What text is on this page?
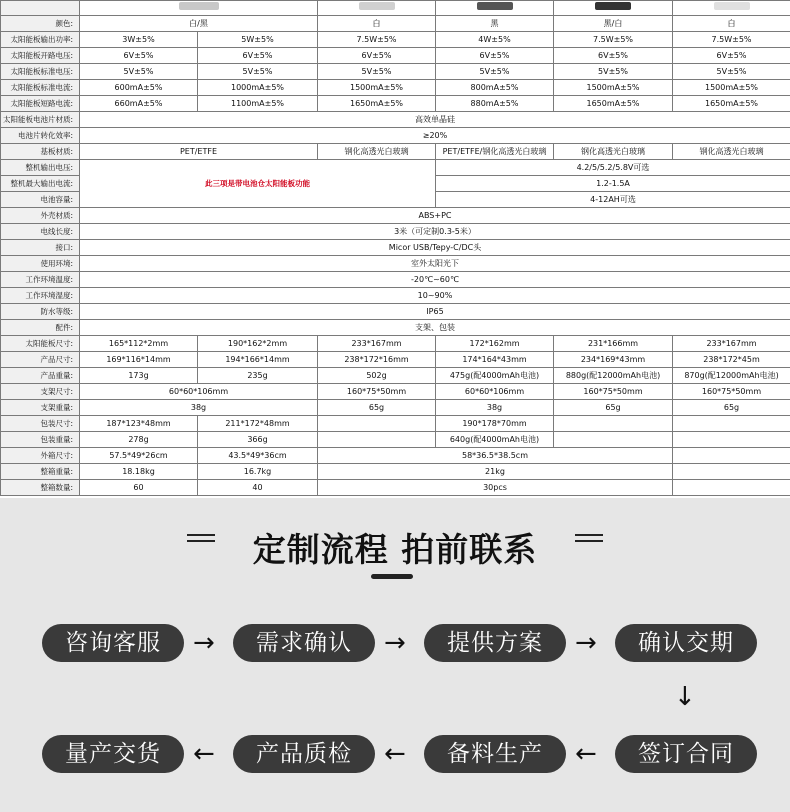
颜色:	白/黑		白	黑	黑/白	白
太阳能板输出功率:	3W±5%	5W±5%	7.5W±5%	4W±5%	7.5W±5%	7.5W±5%
太阳能板开路电压:	6V±5%	6V±5%	6V±5%	6V±5%	6V±5%	6V±5%
太阳能板标准电压:	5V±5%	5V±5%	5V±5%	5V±5%	5V±5%	5V±5%
太阳能板标准电流:	600mA±5%	1000mA±5%	1500mA±5%	800mA±5%	1500mA±5%	1500mA±5%
太阳能板短路电流:	660mA±5%	1100mA±5%	1650mA±5%	880mA±5%	1650mA±5%	1650mA±5%
太阳能板电池片材质:	高效单晶硅					
电池片转化效率:	≥20%					
基板材质:	PET/ETFE		钢化高透光白玻璃	PET/ETFE/钢化高透光白玻璃	钢化高透光白玻璃	钢化高透光白玻璃
整机输出电压:	此三项是带电池仓太阳能板功能			4.2/5/5.2/5.8V可选		
整机最大输出电流:				1.2-1.5A		
电池容量:				4-12AH可选		
外壳材质:	ABS+PC					
电线长度:	3米（可定制0.3-5米）					
接口:	Micor USB/Tepy-C/DC头					
使用环境:	室外太阳光下					
工作环境温度:	-20℃~60℃					
工作环境湿度:	10~90%					
防水等级:	IP65					
配件:	支架、包装					
太阳能板尺寸:	165*112*2mm	190*162*2mm	233*167mm	172*162mm	231*166mm	233*167mm
产品尺寸:	169*116*14mm	194*166*14mm	238*172*16mm	174*164*43mm	234*169*43mm	238*172*45m
产品重量:	173g	235g	502g	475g(配4000mAh电池)	880g(配12000mAh电池)	870g(配12000mAh电池)
支架尺寸:	60*60*106mm		160*75*50mm	60*60*106mm	160*75*50mm	160*75*50mm
支架重量:	38g		65g	38g	65g	65g
包装尺寸:	187*123*48mm	211*172*48mm		190*178*70mm		
包装重量:	278g	366g		640g(配4000mAh电池)		
外箱尺寸:	57.5*49*26cm	43.5*49*36cm	58*36.5*38.5cm			
整箱重量:	18.18kg	16.7kg	21kg			
整箱数量:	60	40	30pcs			
定制流程 拍前联系
咨询客服	→	需求确认	→	提供方案	→	确认交期
↓
签订合同
←
备料生产
←
产品质检
←
量产交货
